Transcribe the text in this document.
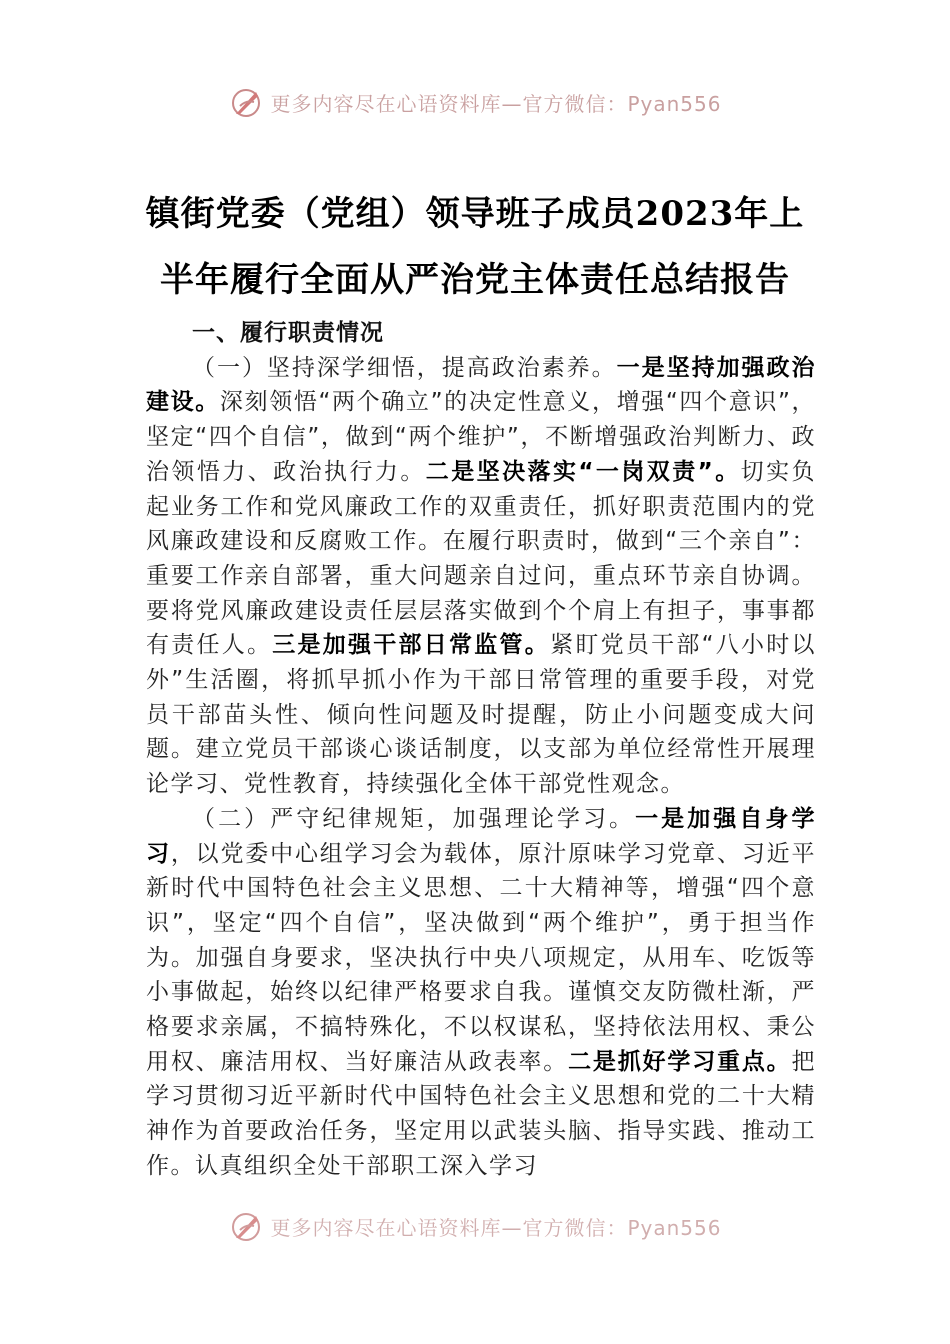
更多内容尽在心语资料库—官方微信：Pyan556
镇街党委（党组）领导班子成员2023年上
半年履行全面从严治党主体责任总结报告

一、履行职责情况

（一）坚持深学细悟，提高政治素养。一是坚持加强政治建设。深刻领悟“两个确立”的决定性意义，增强“四个意识”，坚定“四个自信”，做到“两个维护”，不断增强政治判断力、政治领悟力、政治执行力。二是坚决落实“一岗双责”。切实负起业务工作和党风廉政工作的双重责任，抓好职责范围内的党风廉政建设和反腐败工作。在履行职责时，做到“三个亲自”：重要工作亲自部署，重大问题亲自过问，重点环节亲自协调。要将党风廉政建设责任层层落实做到个个肩上有担子，事事都有责任人。三是加强干部日常监管。紧盯党员干部“八小时以外”生活圈，将抓早抓小作为干部日常管理的重要手段，对党员干部苗头性、倾向性问题及时提醒，防止小问题变成大问题。建立党员干部谈心谈话制度，以支部为单位经常性开展理论学习、党性教育，持续强化全体干部党性观念。

（二）严守纪律规矩，加强理论学习。一是加强自身学习，以党委中心组学习会为载体，原汁原味学习党章、习近平新时代中国特色社会主义思想、二十大精神等，增强“四个意识”，坚定“四个自信”，坚决做到“两个维护”，勇于担当作为。加强自身要求，坚决执行中央八项规定，从用车、吃饭等小事做起，始终以纪律严格要求自我。谨慎交友防微杜渐，严格要求亲属，不搞特殊化，不以权谋私，坚持依法用权、秉公用权、廉洁用权、当好廉洁从政表率。二是抓好学习重点。把学习贯彻习近平新时代中国特色社会主义思想和党的二十大精神作为首要政治任务，坚定用以武装头脑、指导实践、推动工作。认真组织全处干部职工深入学习

更多内容尽在心语资料库—官方微信：Pyan556
